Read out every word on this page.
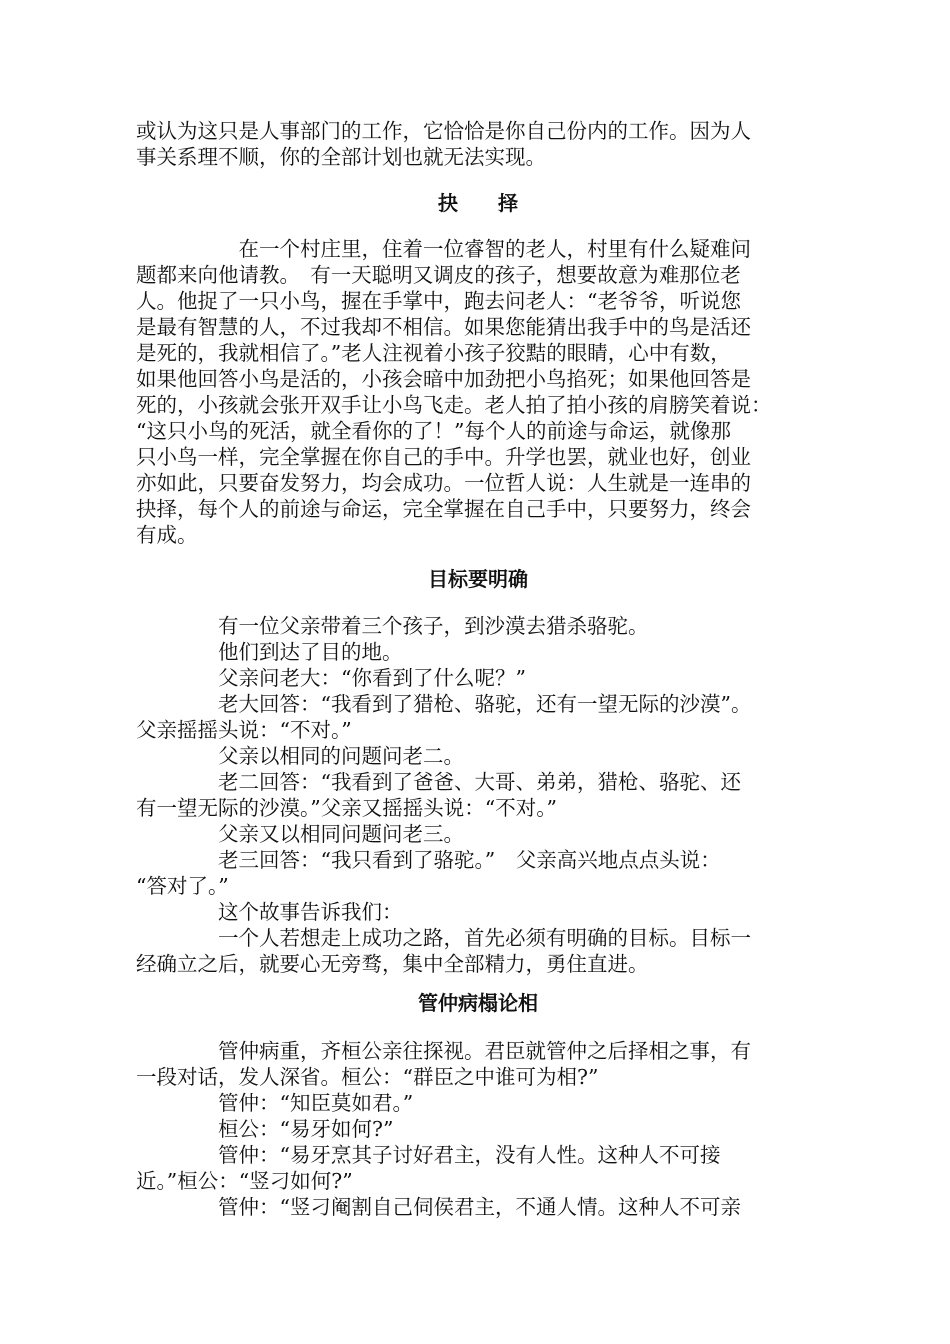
或认为这只是人事部门的工作，它恰恰是你自己份内的工作。因为人
事关系理不顺，你的全部计划也就无法实现。
抉　　择
　　　　　在一个村庄里，住着一位睿智的老人，村里有什么疑难问
题都来向他请教。　有一天聪明又调皮的孩子，想要故意为难那位老
人。他捉了一只小鸟，握在手掌中，跑去问老人：“老爷爷，听说您
是最有智慧的人，不过我却不相信。如果您能猜出我手中的鸟是活还
是死的，我就相信了。”老人注视着小孩子狡黠的眼睛，心中有数，
如果他回答小鸟是活的，小孩会暗中加劲把小鸟掐死；如果他回答是
死的，小孩就会张开双手让小鸟飞走。老人拍了拍小孩的肩膀笑着说：
“这只小鸟的死活，就全看你的了！”每个人的前途与命运，就像那
只小鸟一样，完全掌握在你自己的手中。升学也罢，就业也好，创业
亦如此，只要奋发努力，均会成功。一位哲人说：人生就是一连串的
抉择，每个人的前途与命运，完全掌握在自己手中，只要努力，终会
有成。
目标要明确
　　　　有一位父亲带着三个孩子，到沙漠去猎杀骆驼。
　　　　他们到达了目的地。
　　　　父亲问老大：“你看到了什么呢？”
　　　　老大回答：“我看到了猎枪、骆驼，还有一望无际的沙漠”。
父亲摇摇头说：“不对。”
　　　　父亲以相同的问题问老二。
　　　　老二回答：“我看到了爸爸、大哥、弟弟，猎枪、骆驼、还
有一望无际的沙漠。”父亲又摇摇头说：“不对。”
　　　　父亲又以相同问题问老三。
　　　　老三回答：“我只看到了骆驼。”　父亲高兴地点点头说：
“答对了。”
　　　　这个故事告诉我们：
　　　　一个人若想走上成功之路，首先必须有明确的目标。目标一
经确立之后，就要心无旁骛，集中全部精力，勇住直进。
管仲病榻论相
　　　　管仲病重，齐桓公亲往探视。君臣就管仲之后择相之事，有
一段对话，发人深省。桓公：“群臣之中谁可为相?”
　　　　管仲：“知臣莫如君。”
　　　　桓公：“易牙如何?”
　　　　管仲：“易牙烹其子讨好君主，没有人性。这种人不可接
近。”桓公：“竖刁如何?”
　　　　管仲：“竖刁阉割自己伺侯君主，不通人情。这种人不可亲
